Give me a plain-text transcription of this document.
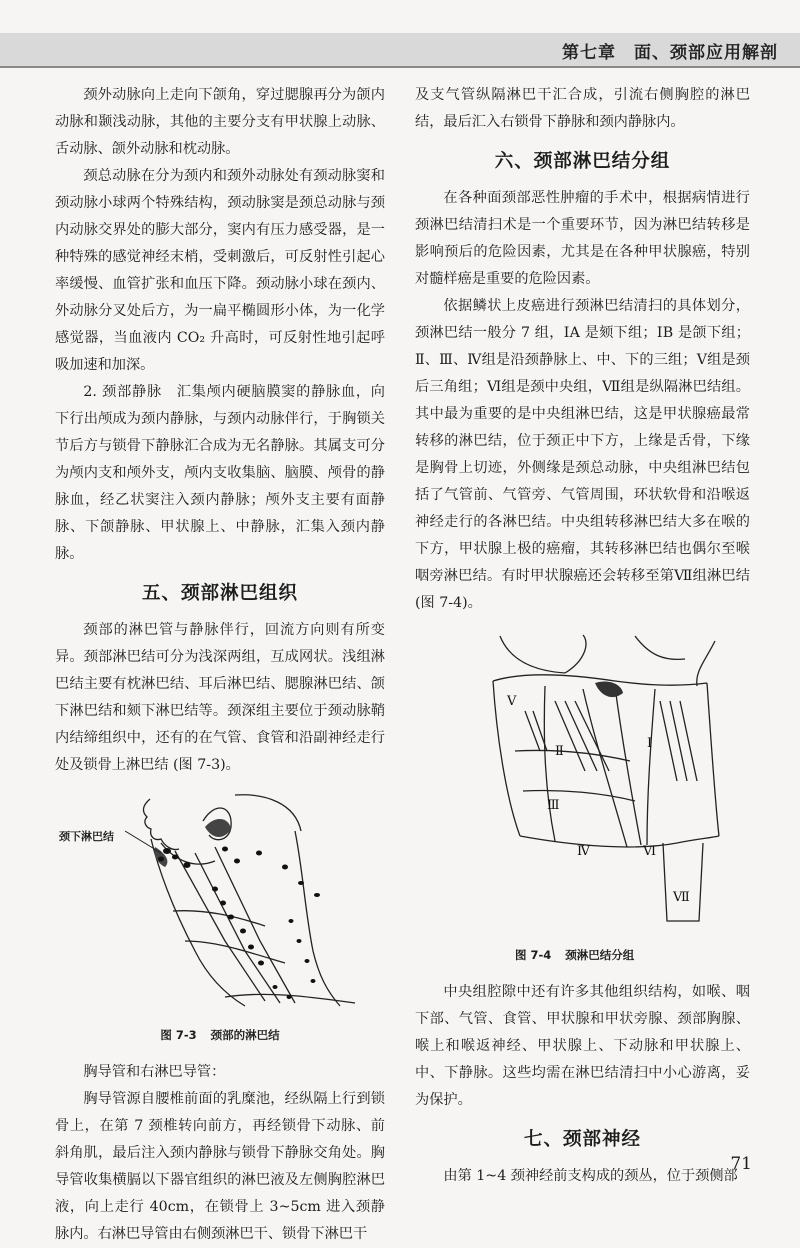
第七章　面、颈部应用解剖

颈外动脉向上走向下颌角，穿过腮腺再分为颌内动脉和颞浅动脉，其他的主要分支有甲状腺上动脉、舌动脉、颌外动脉和枕动脉。

颈总动脉在分为颈内和颈外动脉处有颈动脉窦和颈动脉小球两个特殊结构，颈动脉窦是颈总动脉与颈内动脉交界处的膨大部分，窦内有压力感受器，是一种特殊的感觉神经末梢，受刺激后，可反射性引起心率缓慢、血管扩张和血压下降。颈动脉小球在颈内、外动脉分叉处后方，为一扁平椭圆形小体，为一化学感觉器，当血液内 CO₂ 升高时，可反射性地引起呼吸加速和加深。

2. 颈部静脉　汇集颅内硬脑膜窦的静脉血，向下行出颅成为颈内静脉，与颈内动脉伴行，于胸锁关节后方与锁骨下静脉汇合成为无名静脉。其属支可分为颅内支和颅外支，颅内支收集脑、脑膜、颅骨的静脉血，经乙状窦注入颈内静脉；颅外支主要有面静脉、下颌静脉、甲状腺上、中静脉，汇集入颈内静脉。

五、颈部淋巴组织

颈部的淋巴管与静脉伴行，回流方向则有所变异。颈部淋巴结可分为浅深两组，互成网状。浅组淋巴结主要有枕淋巴结、耳后淋巴结、腮腺淋巴结、颌下淋巴结和颏下淋巴结等。颈深组主要位于颈动脉鞘内结缔组织中，还有的在气管、食管和沿副神经走行处及锁骨上淋巴结 (图 7-3)。

颈下淋巴结
图 7-3 颈部的淋巴结

胸导管和右淋巴导管：

胸导管源自腰椎前面的乳糜池，经纵隔上行到锁骨上，在第 7 颈椎转向前方，再经锁骨下动脉、前斜角肌，最后注入颈内静脉与锁骨下静脉交角处。胸导管收集横膈以下器官组织的淋巴液及左侧胸腔淋巴液，向上走行 40cm，在锁骨上 3~5cm 进入颈静脉内。右淋巴导管由右侧颈淋巴干、锁骨下淋巴干

及支气管纵隔淋巴干汇合成，引流右侧胸腔的淋巴结，最后汇入右锁骨下静脉和颈内静脉内。

六、颈部淋巴结分组

在各种面颈部恶性肿瘤的手术中，根据病情进行颈淋巴结清扫术是一个重要环节，因为淋巴结转移是影响预后的危险因素，尤其是在各种甲状腺癌，特别对髓样癌是重要的危险因素。

依据鳞状上皮癌进行颈淋巴结清扫的具体划分，颈淋巴结一般分 7 组，ⅠA 是颏下组；ⅠB 是颌下组；Ⅱ、Ⅲ、Ⅳ组是沿颈静脉上、中、下的三组；Ⅴ组是颈后三角组；Ⅵ组是颈中央组，Ⅶ组是纵隔淋巴结组。其中最为重要的是中央组淋巴结，这是甲状腺癌最常转移的淋巴结，位于颈正中下方，上缘是舌骨，下缘是胸骨上切迹，外侧缘是颈总动脉，中央组淋巴结包括了气管前、气管旁、气管周围，环状软骨和沿喉返神经走行的各淋巴结。中央组转移淋巴结大多在喉的下方，甲状腺上极的癌瘤，其转移淋巴结也偶尔至喉咽旁淋巴结。有时甲状腺癌还会转移至第Ⅶ组淋巴结 (图 7-4)。

Ⅴ
Ⅱ
Ⅰ
Ⅲ
Ⅳ	Ⅵ
Ⅶ
图 7-4 颈淋巴结分组

中央组腔隙中还有许多其他组织结构，如喉、咽下部、气管、食管、甲状腺和甲状旁腺、颈部胸腺、喉上和喉返神经、甲状腺上、下动脉和甲状腺上、中、下静脉。这些均需在淋巴结清扫中小心游离，妥为保护。

七、颈部神经

由第 1~4 颈神经前支构成的颈丛，位于颈侧部

71
